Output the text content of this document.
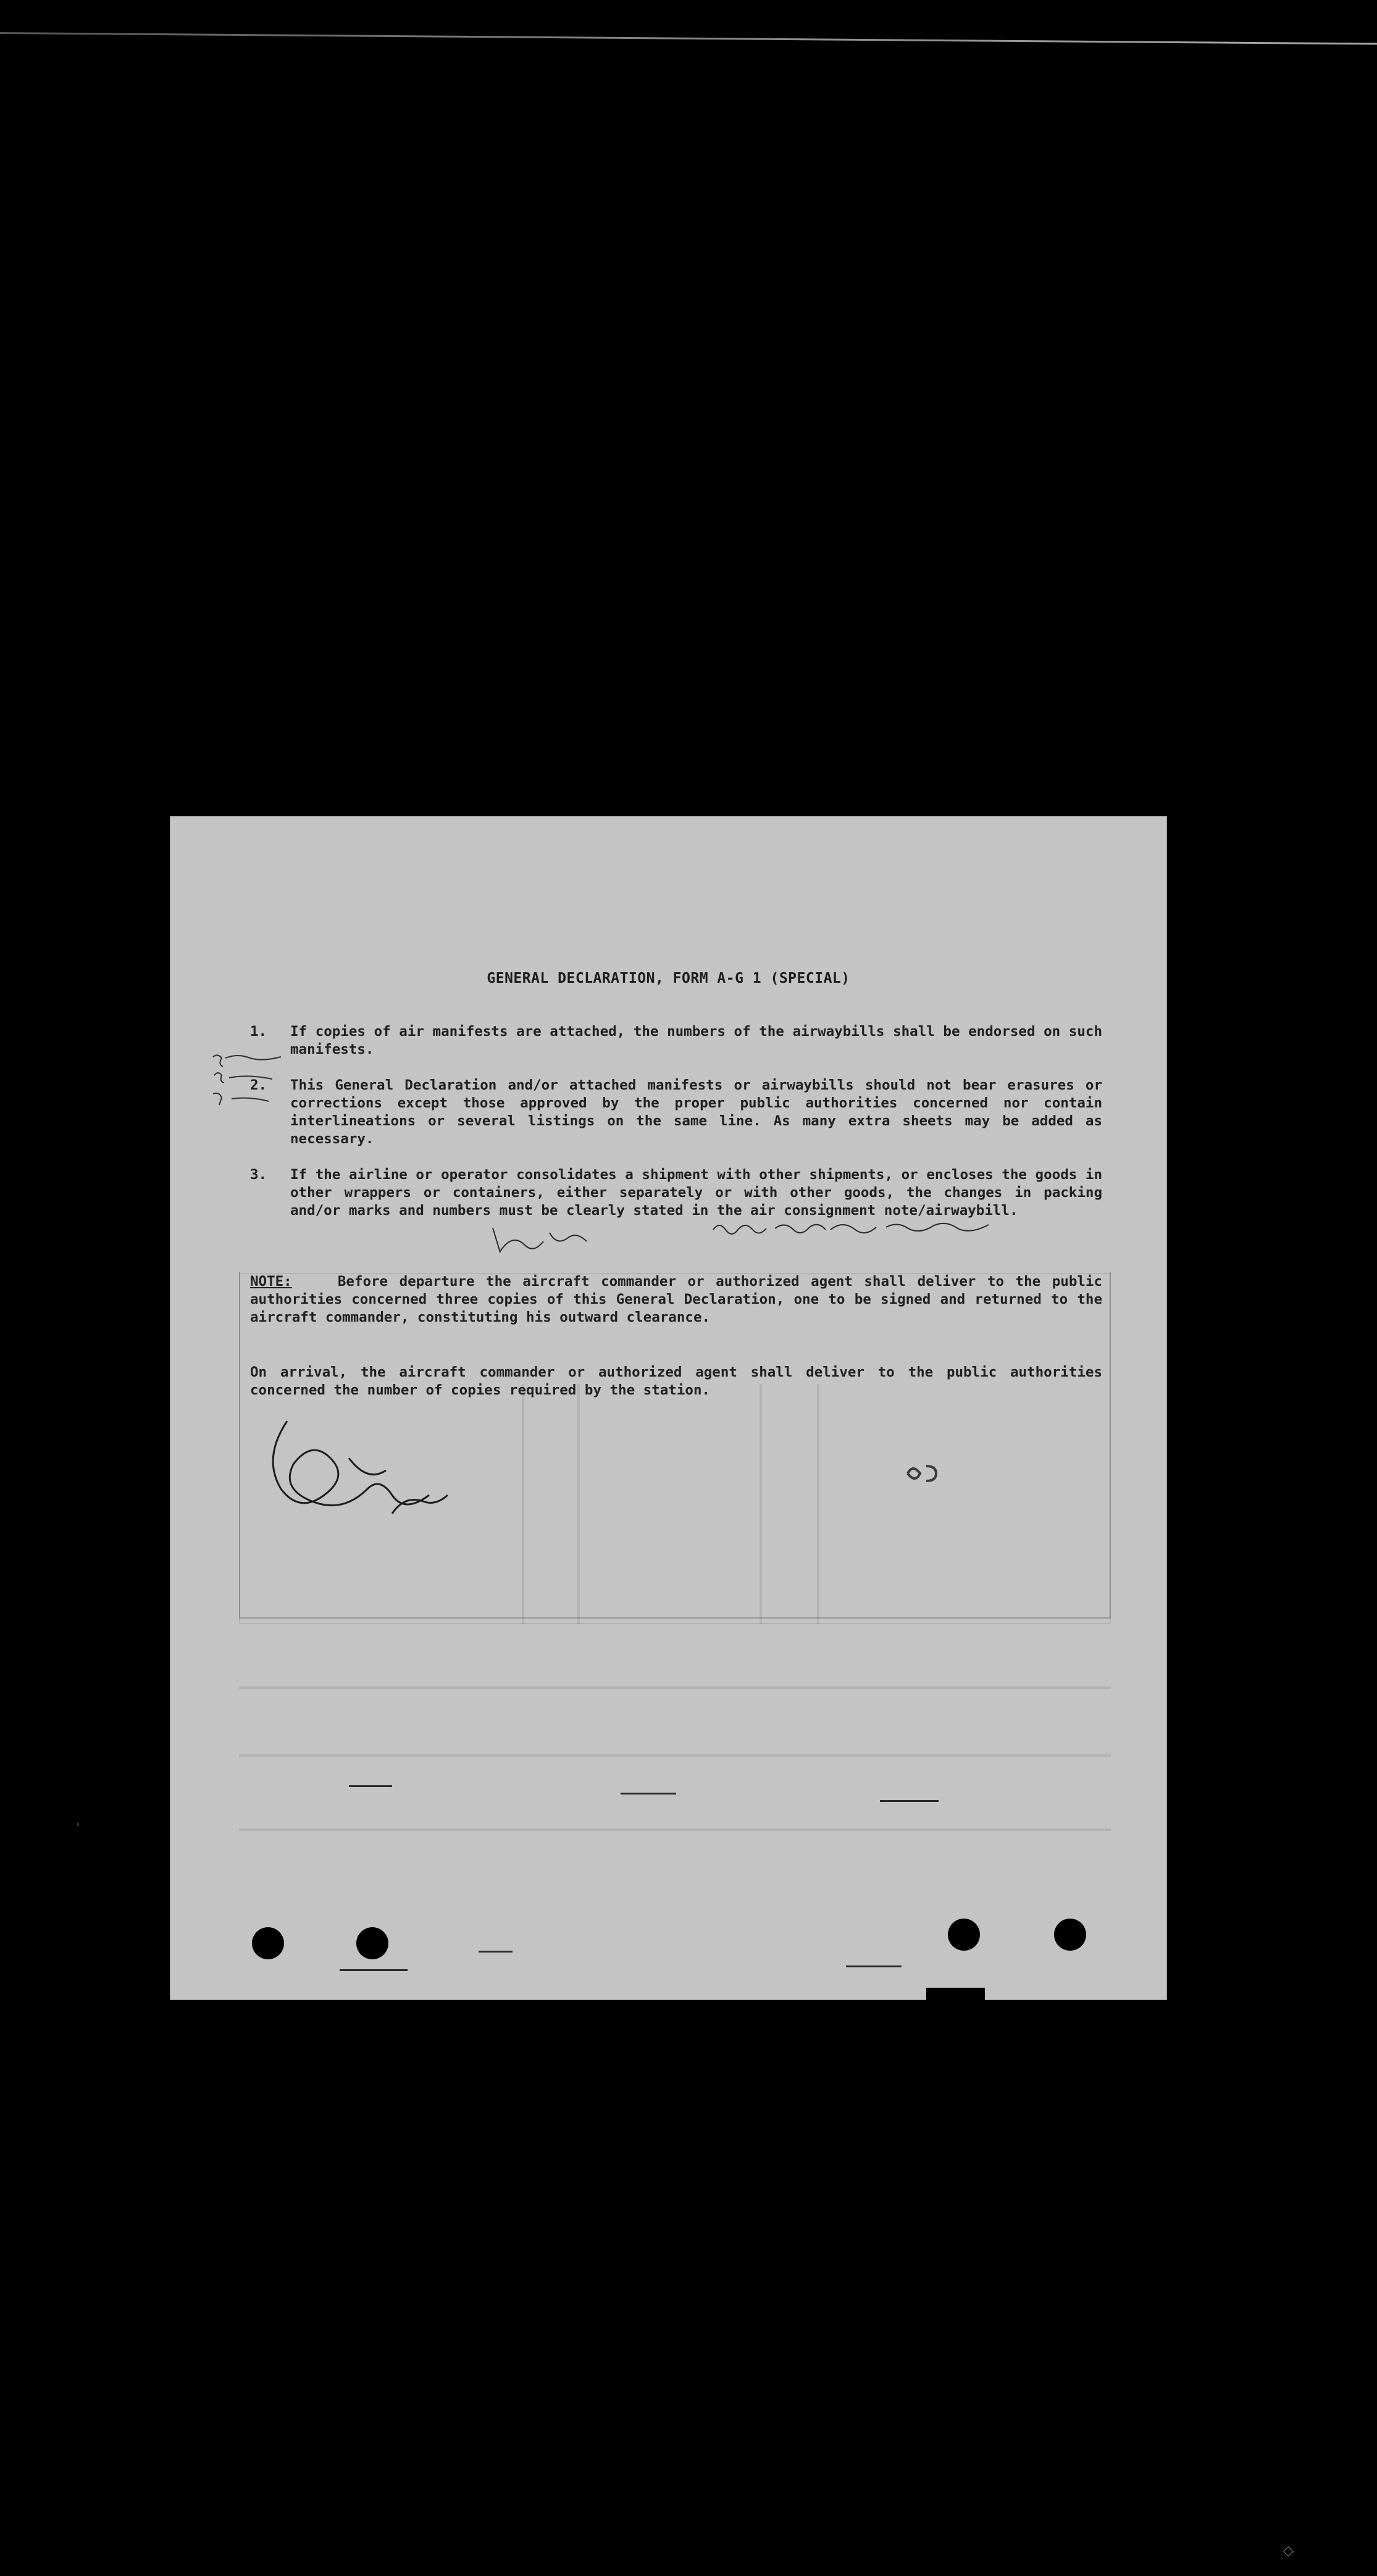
GENERAL DECLARATION, FORM A-G 1 (SPECIAL)
1.	If copies of air manifests are attached, the numbers of the airwaybills shall be endorsed on such manifests.
2.	This General Declaration and/or attached manifests or airwaybills should not bear erasures or corrections except those approved by the proper public authorities concerned nor contain interlineations or several listings on the same line. As many extra sheets may be added as necessary.
3.	If the airline or operator consolidates a shipment with other shipments, or encloses the goods in other wrappers or containers, either separately or with other goods, the changes in packing and/or marks and numbers must be clearly stated in the air consignment note/airwaybill.
NOTE:	Before departure the aircraft commander or authorized agent shall deliver to the public authorities concerned three copies of this General Declaration, one to be signed and returned to the aircraft commander, constituting his outward clearance.
On arrival, the aircraft commander or authorized agent shall deliver to the public authorities concerned the number of copies required by the station.
'
◇
